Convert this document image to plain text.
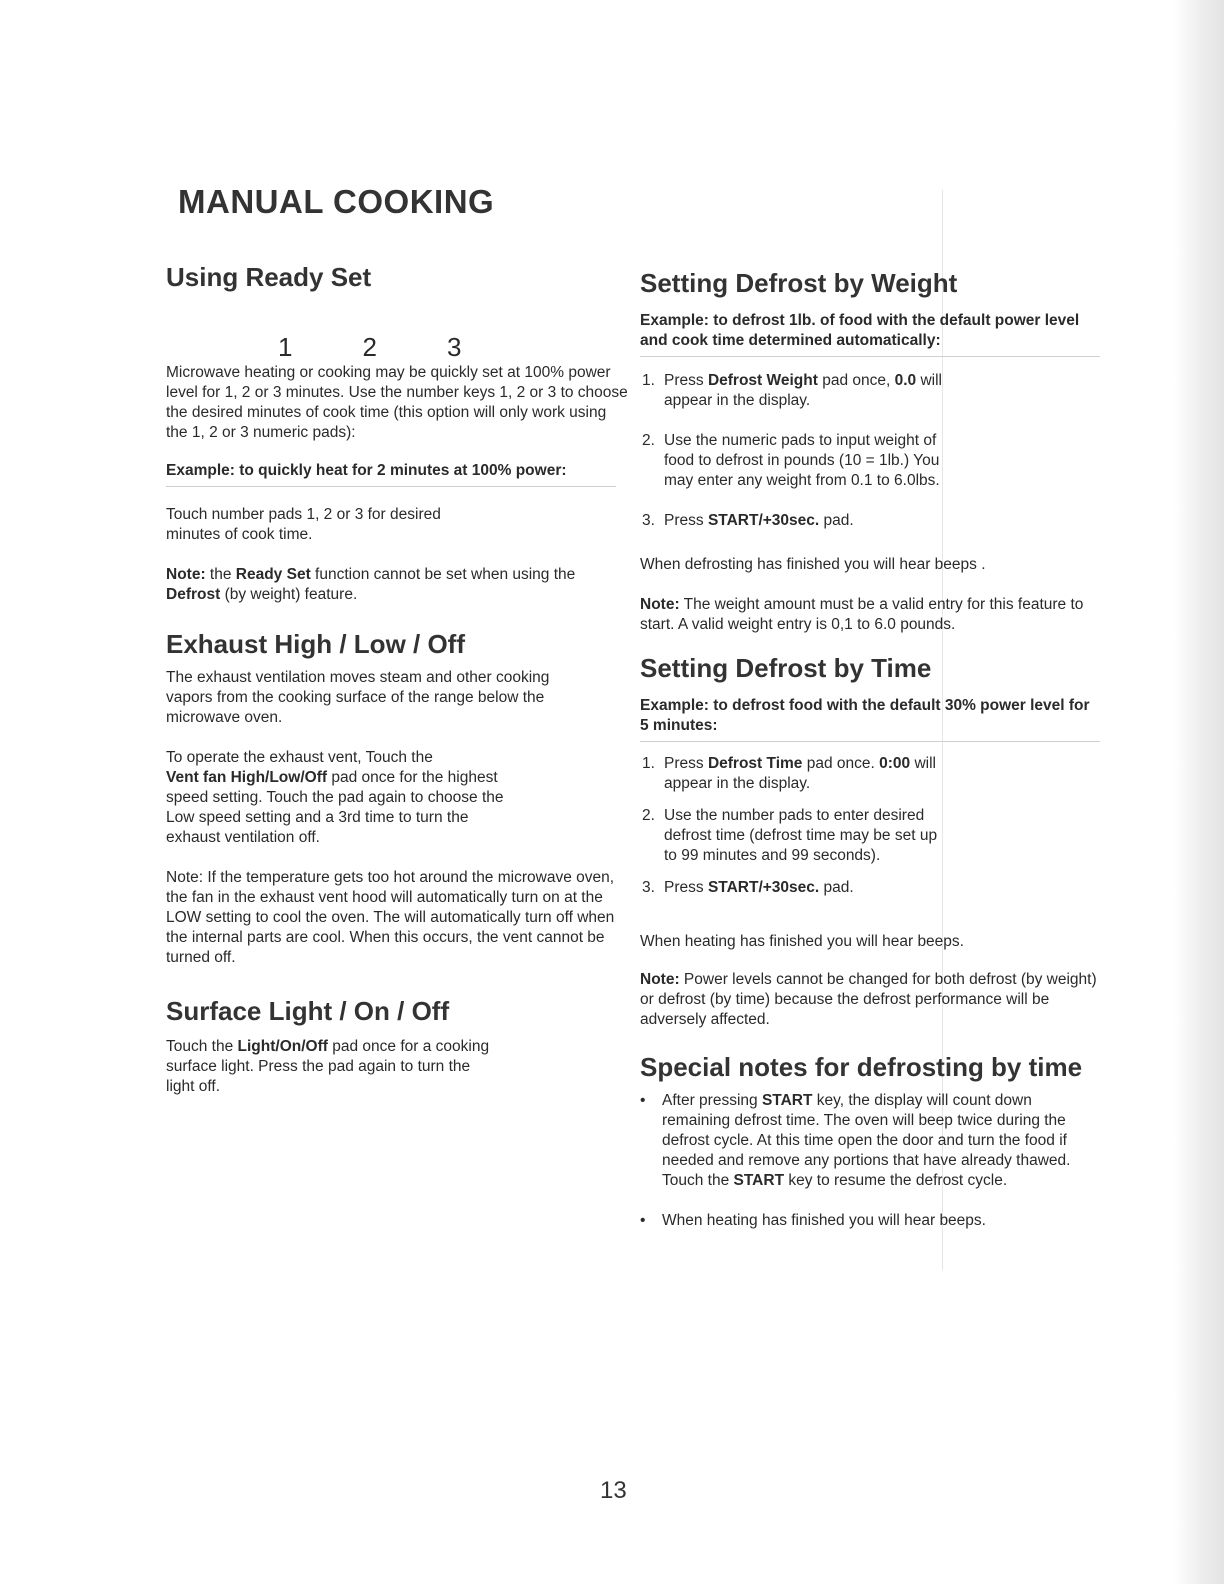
MANUAL COOKING
Using Ready Set
1	2	3

Microwave heating or cooking may be quickly set at 100% power level for 1, 2 or 3 minutes. Use the number keys 1, 2 or 3 to choose the desired minutes of cook time (this option will only work using the 1, 2 or 3 numeric pads):

Example: to quickly heat for 2 minutes at 100% power:

Touch number pads 1, 2 or 3 for desired minutes of cook time.

Note: the Ready Set function cannot be set when using the Defrost (by weight) feature.

Exhaust High / Low / Off

The exhaust ventilation moves steam and other cooking vapors from the cooking surface of the range below the microwave oven.

To operate the exhaust vent, Touch the
Vent fan High/Low/Off pad once for the highest speed setting. Touch the pad again to choose the Low speed setting and a 3rd time to turn the exhaust ventilation off.

Note: If the temperature gets too hot around the microwave oven, the fan in the exhaust vent hood will automatically turn on at the LOW setting to cool the oven. The will automatically turn off when the internal parts are cool. When this occurs, the vent cannot be turned off.

Surface Light / On / Off

Touch the Light/On/Off pad once for a cooking surface light. Press the pad again to turn the light off.

Setting Defrost by Weight
Example: to defrost 1lb. of food with the default power level and cook time determined automatically:
1. Press Defrost Weight pad once, 0.0 will appear in the display.
2. Use the numeric pads to input weight of food to defrost in pounds (10 = 1lb.) You may enter any weight from 0.1 to 6.0lbs.
3. Press START/+30sec. pad.

When defrosting has finished you will hear beeps .

Note: The weight amount must be a valid entry for this feature to start. A valid weight entry is 0,1 to 6.0 pounds.

Setting Defrost by Time
Example: to defrost food with the default 30% power level for 5 minutes:
1. Press Defrost Time pad once. 0:00 will appear in the display.
2. Use the number pads to enter desired defrost time (defrost time may be set up to 99 minutes and 99 seconds).
3. Press START/+30sec. pad.

When heating has finished you will hear beeps.

Note: Power levels cannot be changed for both defrost (by weight) or defrost (by time) because the defrost performance will be adversely affected.

Special notes for defrosting by time
• After pressing START key, the display will count down remaining defrost time. The oven will beep twice during the defrost cycle. At this time open the door and turn the food if needed and remove any portions that have already thawed. Touch the START key to resume the defrost cycle.
• When heating has finished you will hear beeps.
13
